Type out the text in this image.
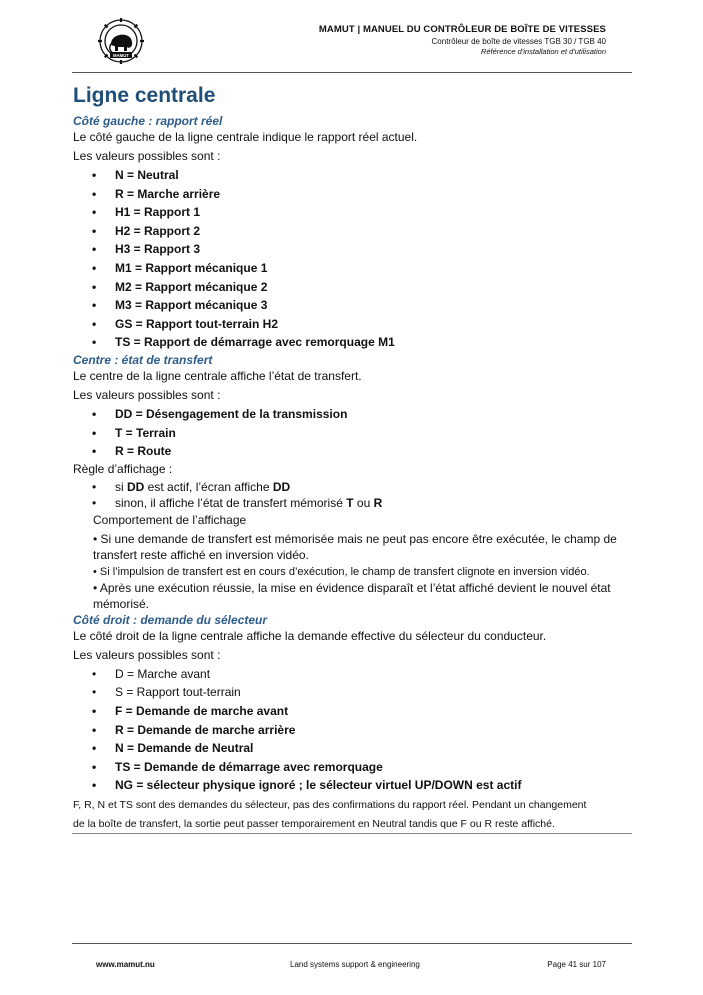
MAMUT
MAMUT | MANUEL DU CONTRÔLEUR DE BOÎTE DE VITESSES
Contrôleur de boîte de vitesses TGB 30 / TGB 40
Référence d'installation et d'utilisation
Ligne centrale
Côté gauche : rapport réel
Le côté gauche de la ligne centrale indique le rapport réel actuel.
Les valeurs possibles sont :
• N = Neutral
• R = Marche arrière
• H1 = Rapport 1
• H2 = Rapport 2
• H3 = Rapport 3
• M1 = Rapport mécanique 1
• M2 = Rapport mécanique 2
• M3 = Rapport mécanique 3
• GS = Rapport tout-terrain H2
• TS = Rapport de démarrage avec remorquage M1
Centre : état de transfert
Le centre de la ligne centrale affiche l’état de transfert.
Les valeurs possibles sont :
• DD = Désengagement de la transmission
• T = Terrain
• R = Route
Règle d’affichage :
• si DD est actif, l’écran affiche DD
• sinon, il affiche l’état de transfert mémorisé T ou R
Comportement de l’affichage
• Si une demande de transfert est mémorisée mais ne peut pas encore être exécutée, le champ de transfert reste affiché en inversion vidéo.
• Si l’impulsion de transfert est en cours d’exécution, le champ de transfert clignote en inversion vidéo.
• Après une exécution réussie, la mise en évidence disparaît et l’état affiché devient le nouvel état mémorisé.
Côté droit : demande du sélecteur
Le côté droit de la ligne centrale affiche la demande effective du sélecteur du conducteur.
Les valeurs possibles sont :
• D = Marche avant
• S = Rapport tout-terrain
• F = Demande de marche avant
• R = Demande de marche arrière
• N = Demande de Neutral
• TS = Demande de démarrage avec remorquage
• NG = sélecteur physique ignoré ; le sélecteur virtuel UP/DOWN est actif
F, R, N et TS sont des demandes du sélecteur, pas des confirmations du rapport réel. Pendant un changement
de la boîte de transfert, la sortie peut passer temporairement en Neutral tandis que F ou R reste affiché.
www.mamut.nu	Land systems support & engineering	Page 41 sur 107
